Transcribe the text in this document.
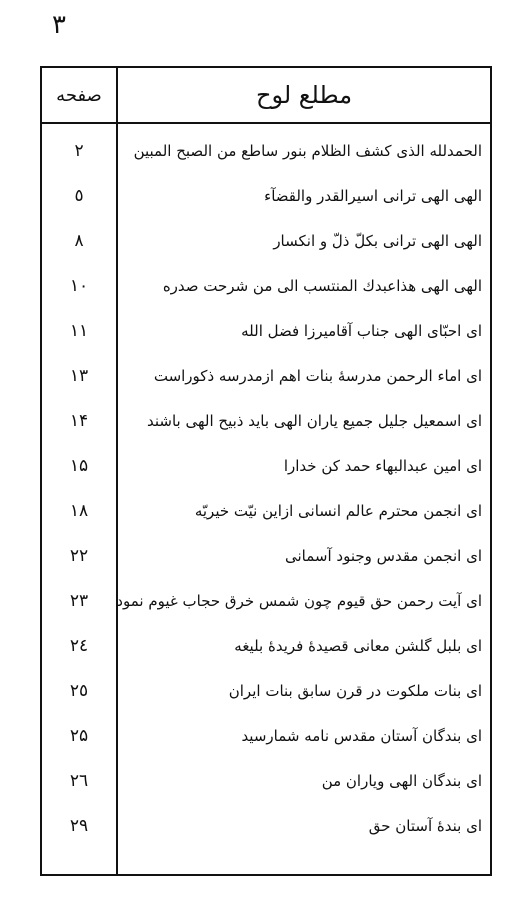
٣
صفحه	مطلع لوح
٢	الحمدلله الذی کشف الظلام بنور ساطع من الصبح المبین
٥	الهی الهی ترانی اسیرالقدر والقضآء
٨	الهی الهی ترانی بکلّ ذلّ و انکسار
١٠	الهی الهی هذاعبدك المنتسب الی من شرحت صدره
١١	ای احبّای الهی جناب آقامیرزا فضل الله
١٣	ای اماء الرحمن مدرسهٔ بنات اهم ازمدرسه ذکوراست
١۴	ای اسمعیل جلیل جمیع یاران الهی باید ذبیح الهی باشند
١۵	ای امین عبدالبهاء حمد کن خدارا
١٨	ای انجمن محترم عالم انسانی ازاین نیّت خیریّه
٢٢	ای انجمن مقدس وجنود آسمانی
٢٣	ای آیت رحمن حق قیوم چون شمس خرق حجاب غیوم نمود
٢٤	ای بلبل گلشن معانی قصیدهٔ فریدهٔ بلیغه
٢٥	ای بنات ملکوت در قرن سابق بنات ایران
٢۵	ای بندگان آستان مقدس نامه شمارسید
٢٦	ای بندگان الهی ویاران من
٢٩	ای بندهٔ آستان حق
